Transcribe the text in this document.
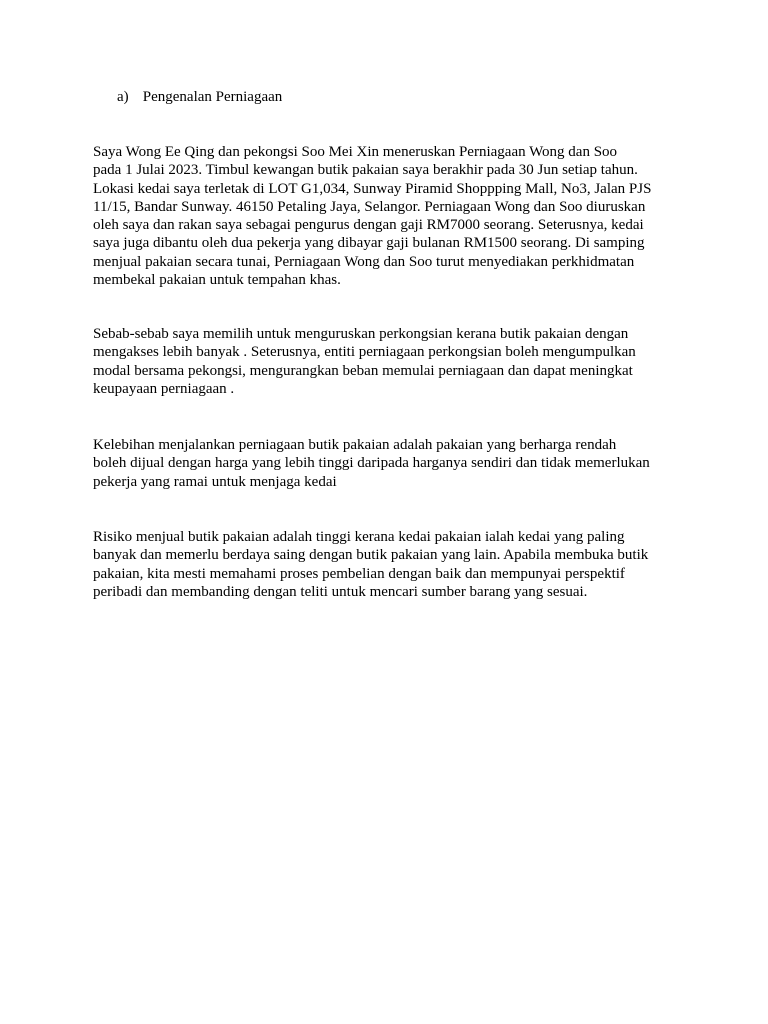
a) Pengenalan Perniagaan

Saya Wong Ee Qing dan pekongsi Soo Mei Xin meneruskan Perniagaan Wong dan Soo
pada 1 Julai 2023. Timbul kewangan butik pakaian saya berakhir pada 30 Jun setiap tahun.
Lokasi kedai saya terletak di LOT G1,034, Sunway Piramid Shoppping Mall, No3, Jalan PJS
11/15, Bandar Sunway. 46150 Petaling Jaya, Selangor. Perniagaan Wong dan Soo diuruskan
oleh saya dan rakan saya sebagai pengurus dengan gaji RM7000 seorang. Seterusnya, kedai
saya juga dibantu oleh dua pekerja yang dibayar gaji bulanan RM1500 seorang. Di samping
menjual pakaian secara tunai, Perniagaan Wong dan Soo turut menyediakan perkhidmatan
membekal pakaian untuk tempahan khas.

Sebab-sebab saya memilih untuk menguruskan perkongsian kerana butik pakaian dengan
mengakses lebih banyak . Seterusnya, entiti perniagaan perkongsian boleh mengumpulkan
modal bersama pekongsi, mengurangkan beban memulai perniagaan dan dapat meningkat
keupayaan perniagaan .

Kelebihan menjalankan perniagaan butik pakaian adalah pakaian yang berharga rendah
boleh dijual dengan harga yang lebih tinggi daripada harganya sendiri dan tidak memerlukan
pekerja yang ramai untuk menjaga kedai

Risiko menjual butik pakaian adalah tinggi kerana kedai pakaian ialah kedai yang paling
banyak dan memerlu berdaya saing dengan butik pakaian yang lain. Apabila membuka butik
pakaian, kita mesti memahami proses pembelian dengan baik dan mempunyai perspektif
peribadi dan membanding dengan teliti untuk mencari sumber barang yang sesuai.
